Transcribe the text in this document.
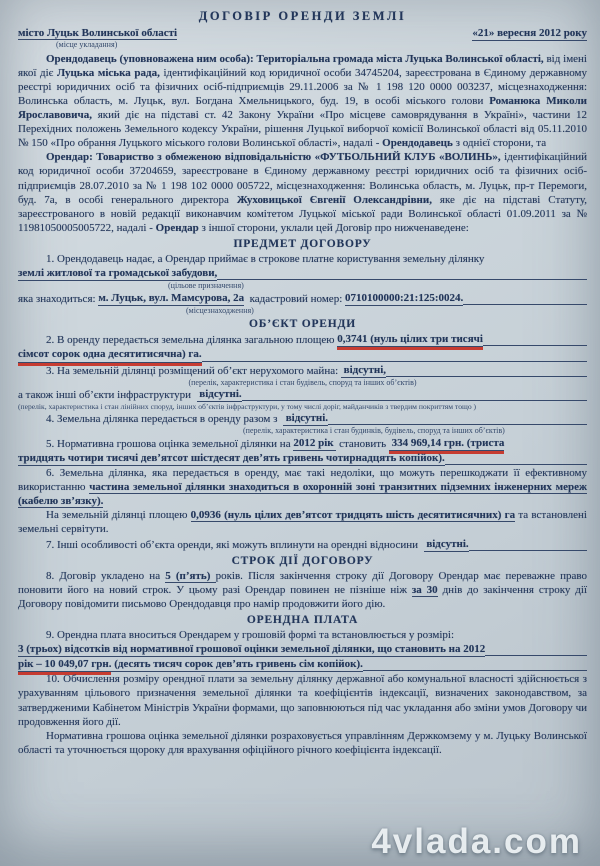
ДОГОВІР ОРЕНДИ ЗЕМЛІ
місто Луцьк Волинської області
(місце укладання)
«21» вересня 2012 року

Орендодавець (уповноважена ним особа): Територіальна громада міста Луцька Волинської області, від імені якої діє Луцька міська рада, ідентифікаційний код юридичної особи 34745204, зареєстрована в Єдиному державному реєстрі юридичних осіб та фізичних осіб-підприємців 29.11.2006 за № 1 198 120 0000 003237, місцезнаходження: Волинська область, м. Луцьк, вул. Богдана Хмельницького, буд. 19, в особі міського голови Романюка Миколи Ярославовича, який діє на підставі ст. 42 Закону України «Про місцеве самоврядування в Україні», частини 12 Перехідних положень Земельного кодексу України, рішення Луцької виборчої комісії Волинської області від 05.11.2010 № 150 «Про обрання Луцького міського голови Волинської області», надалі - Орендодавець з однієї сторони, та

Орендар: Товариство з обмеженою відповідальністю «ФУТБОЛЬНИЙ КЛУБ «ВОЛИНЬ», ідентифікаційний код юридичної особи 37204659, зареєстроване в Єдиному державному реєстрі юридичних осіб та фізичних осіб-підприємців 28.07.2010 за № 1 198 102 0000 005722, місцезнаходження: Волинська область, м. Луцьк, пр-т Перемоги, буд. 7а, в особі генерального директора Жуховицької Євгенії Олександрівни, яке діє на підставі Статуту, зареєстрованого в новій редакції виконавчим комітетом Луцької міської ради Волинської області 01.09.2011 за № 11981050005005722, надалі - Орендар з іншої сторони, уклали цей Договір про нижченаведене:

ПРЕДМЕТ ДОГОВОРУ

1. Орендодавець надає, а Орендар приймає в строкове платне користування земельну ділянку

землі житлової та громадської забудови,
(цільове призначення)
яка знаходиться: м. Луцьк, вул. Мамсурова, 2а кадастровий номер: 0710100000:21:125:0024.
(місцезнаходження)
ОБ’ЄКТ ОРЕНДИ
2. В оренду передається земельна ділянка загальною площею 0,3741 (нуль цілих три тисячі
сімсот сорок одна десятитисячна) га.
3. На земельній ділянці розміщений об’єкт нерухомого майна: відсутні,
(перелік, характеристика і стан будівель, споруд та інших об’єктів)
а також інші об’єкти інфраструктури відсутні.
(перелік, характеристика і стан лінійних споруд, інших об’єктів інфраструктури, у тому числі доріг, майданчиків з твердим покриттям тощо )
4. Земельна ділянка передається в оренду разом з відсутні.
(перелік, характеристика і стан будинків, будівель, споруд та інших об’єктів)
5. Нормативна грошова оцінка земельної ділянки на 2012 рік становить 334 969,14 грн. (триста
тридцять чотири тисячі дев’ятсот шістдесят дев’ять гривень чотирнадцять копійок).

6. Земельна ділянка, яка передається в оренду, має такі недоліки, що можуть перешкоджати її ефективному використанню частина земельної ділянки знаходиться в охоронній зоні транзитних підземних інженерних мереж (кабелю зв’язку).

На земельній ділянці площею 0,0936 (нуль цілих дев’ятсот тридцять шість десятитисячних) га та встановлені земельні сервітути.

7. Інші особливості об’єкта оренди, які можуть вплинути на орендні відносини відсутні.
СТРОК ДІЇ ДОГОВОРУ

8. Договір укладено на 5 (п’ять) років. Після закінчення строку дії Договору Орендар має переважне право поновити його на новий строк. У цьому разі Орендар повинен не пізніше ніж за 30 днів до закінчення строку дії Договору повідомити письмово Орендодавця про намір продовжити його дію.

ОРЕНДНА ПЛАТА

9. Орендна плата вноситься Орендарем у грошовій формі та встановлюється у розмірі:

3 (трьох) відсотків від нормативної грошової оцінки земельної ділянки, що становить на 2012
рік – 10 049,07 грн. (десять тисяч сорок дев’ять гривень сім копійок).

10. Обчислення розміру орендної плати за земельну ділянку державної або комунальної власності здійснюється з урахуванням цільового призначення земельної ділянки та коефіцієнтів індексації, визначених законодавством, за затвердженими Кабінетом Міністрів України формами, що заповнюються під час укладання або зміни умов Договору чи продовження його дії.

Нормативна грошова оцінка земельної ділянки розраховується управлінням Держкомзему у м. Луцьку Волинської області та уточнюється щороку для врахування офіційного річного коефіцієнта індексації.

4vlada.com
